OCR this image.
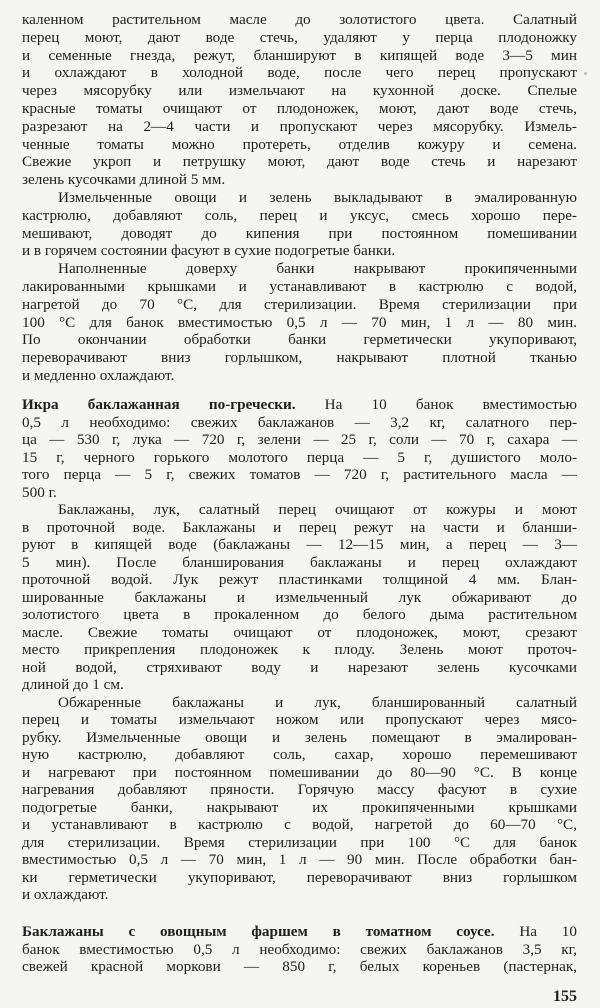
каленном растительном масле до золотистого цвета. Салатный
перец моют, дают воде стечь, удаляют у перца плодоножку
и семенные гнезда, режут, бланшируют в кипящей воде 3—5 мин
и охлаждают в холодной воде, после чего перец пропускают
через мясорубку или измельчают на кухонной доске. Спелые
красные томаты очищают от плодоножек, моют, дают воде стечь,
разрезают на 2—4 части и пропускают через мясорубку. Измель-
ченные томаты можно протереть, отделив кожуру и семена.
Свежие укроп и петрушку моют, дают воде стечь и нарезают
зелень кусочками длиной 5 мм.
Измельченные овощи и зелень выкладывают в эмалированную
кастрюлю, добавляют соль, перец и уксус, смесь хорошо пере-
мешивают, доводят до кипения при постоянном помешивании
и в горячем состоянии фасуют в сухие подогретые банки.
Наполненные доверху банки накрывают прокипяченными
лакированными крышками и устанавливают в кастрюлю с водой,
нагретой до 70 °С, для стерилизации. Время стерилизации при
100 °С для банок вместимостью 0,5 л — 70 мин, 1 л — 80 мин.
По окончании обработки банки герметически укупоривают,
переворачивают вниз горлышком, накрывают плотной тканью
и медленно охлаждают.
Икра баклажанная по-гречески. На 10 банок вместимостью
0,5 л необходимо: свежих баклажанов — 3,2 кг, салатного пер-
ца — 530 г, лука — 720 г, зелени — 25 г, соли — 70 г, сахара —
15 г, черного горького молотого перца — 5 г, душистого моло-
того перца — 5 г, свежих томатов — 720 г, растительного масла —
500 г.
Баклажаны, лук, салатный перец очищают от кожуры и моют
в проточной воде. Баклажаны и перец режут на части и бланши-
руют в кипящей воде (баклажаны — 12—15 мин, а перец — 3—
5 мин). После бланширования баклажаны и перец охлаждают
проточной водой. Лук режут пластинками толщиной 4 мм. Блан-
шированные баклажаны и измельченный лук обжаривают до
золотистого цвета в прокаленном до белого дыма растительном
масле. Свежие томаты очищают от плодоножек, моют, срезают
место прикрепления плодоножек к плоду. Зелень моют проточ-
ной водой, стряхивают воду и нарезают зелень кусочками
длиной до 1 см.
Обжаренные баклажаны и лук, бланшированный салатный
перец и томаты измельчают ножом или пропускают через мясо-
рубку. Измельченные овощи и зелень помещают в эмалирован-
ную кастрюлю, добавляют соль, сахар, хорошо перемешивают
и нагревают при постоянном помешивании до 80—90 °С. В конце
нагревания добавляют пряности. Горячую массу фасуют в сухие
подогретые банки, накрывают их прокипяченными крышками
и устанавливают в кастрюлю с водой, нагретой до 60—70 °С,
для стерилизации. Время стерилизации при 100 °С для банок
вместимостью 0,5 л — 70 мин, 1 л — 90 мин. После обработки бан-
ки герметически укупоривают, переворачивают вниз горлышком
и охлаждают.
Баклажаны с овощным фаршем в томатном соусе. На 10
банок вместимостью 0,5 л необходимо: свежих баклажанов 3,5 кг,
свежей красной моркови — 850 г, белых кореньев (пастернак,
155
